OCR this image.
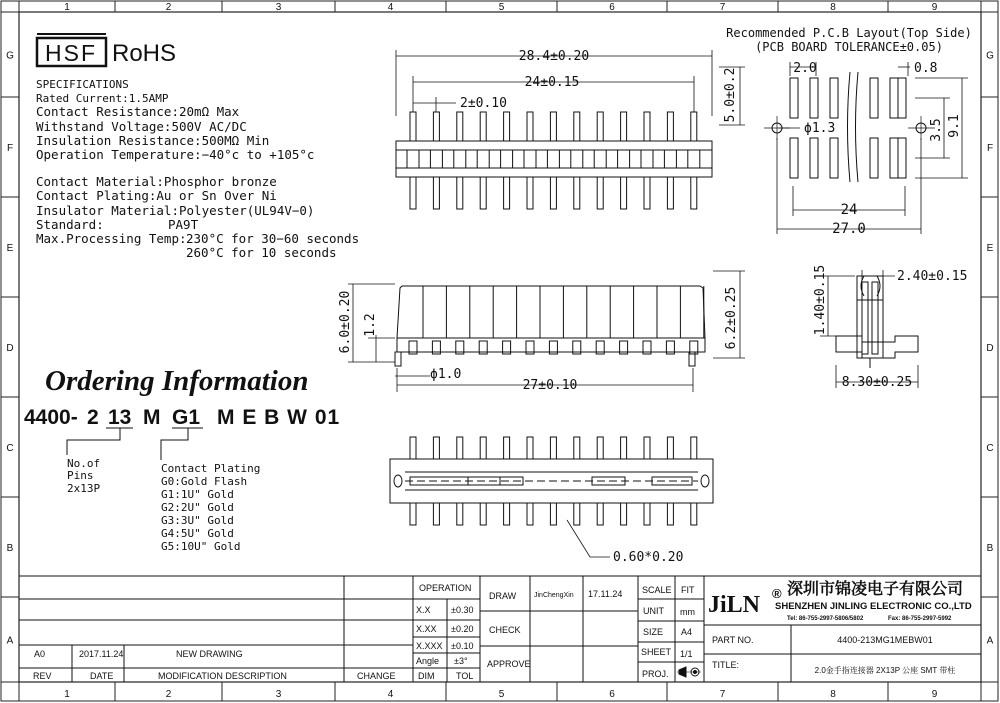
1
1
2
2
3
3
4
4
5
5
6
6
7
7
8
8
9
9
G	G
F	F
E	E
D	D
C	C
B	B
A	A
HSF RoHS
SPECIFICATIONS
Rated Current:1.5AMP
Contact Resistance:20mΩ Max
Withstand Voltage:500V AC/DC
Insulation Resistance:500MΩ Min
Operation Temperature:−40°c to +105°c
Contact Material:Phosphor bronze
Contact Plating:Au or Sn Over Ni
Insulator Material:Polyester(UL94V−0)
Standard:	PA9T
Max.Processing Temp: 230°C for 30−60 seconds
260°C for 10 seconds
Ordering Information
4400- 2 13 M G1 M E B W 01
No.of
Pins
2x13P
Contact Plating
G0:Gold Flash
G1:1U" Gold
G2:2U" Gold
G3:3U" Gold
G4:5U" Gold
G5:10U" Gold
28.4±0.20
24±0.15
2±0.10	5.0±0.2
6.0±0.20 1.2
ϕ1.0
27±0.10
6.2±0.25
2.40±0.15
1.40±0.15
8.30±0.25
0.60*0.20
Recommended P.C.B Layout(Top Side)
(PCB BOARD TOLERANCE±0.05)
2.0	0.8
ϕ1.3	3.5 9.1
24
27.0
A0	2017.11.24	NEW DRAWING
REV	DATE	MODIFICATION DESCRIPTION	CHANGE
OPERATION
X.X ±0.30
X.XX ±0.20
X.XXX ±0.10
Angle ±3°
DIM TOL
DRAW	JinChengXin 17.11.24
CHECK
APPROVE
SCALE FIT
UNIT mm
SIZE A4
SHEET 1/1
PROJ.
JiLN ® 深圳市锦凌电子有限公司
SHENZHEN JINLING ELECTRONIC CO.,LTD
Tel: 86-755-2997-5806/5802	Fax: 86-755-2997-5992
PART NO.	4400-213MG1MEBW01
TITLE:
2.0金手指连接器 2X13P 公座 SMT 带柱
